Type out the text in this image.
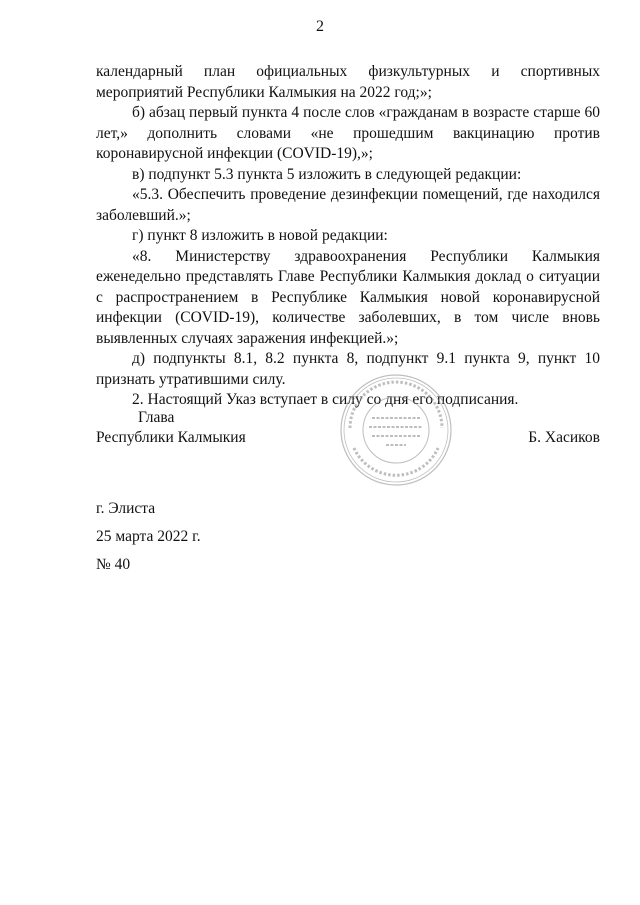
2

календарный план официальных физкультурных и спортивных мероприятий Республики Калмыкия на 2022 год;»;

б) абзац первый пункта 4 после слов «гражданам в возрасте старше 60 лет,» дополнить словами «не прошедшим вакцинацию против коронавирусной инфекции (COVID-19),»;

в) подпункт 5.3 пункта 5 изложить в следующей редакции:

«5.3. Обеспечить проведение дезинфекции помещений, где находился заболевший.»;

г) пункт 8 изложить в новой редакции:

«8. Министерству здравоохранения Республики Калмыкия еженедельно представлять Главе Республики Калмыкия доклад о ситуации с распространением в Республике Калмыкия новой коронавирусной инфекции (COVID-19), количестве заболевших, в том числе вновь выявленных случаях заражения инфекцией.»;

д) подпункты 8.1, 8.2 пункта 8, подпункт 9.1 пункта 9, пункт 10 признать утратившими силу.

2. Настоящий Указ вступает в силу со дня его подписания.

Глава
Республики Калмыкия	Б. Хасиков
г. Элиста
25 марта 2022 г.
№ 40
